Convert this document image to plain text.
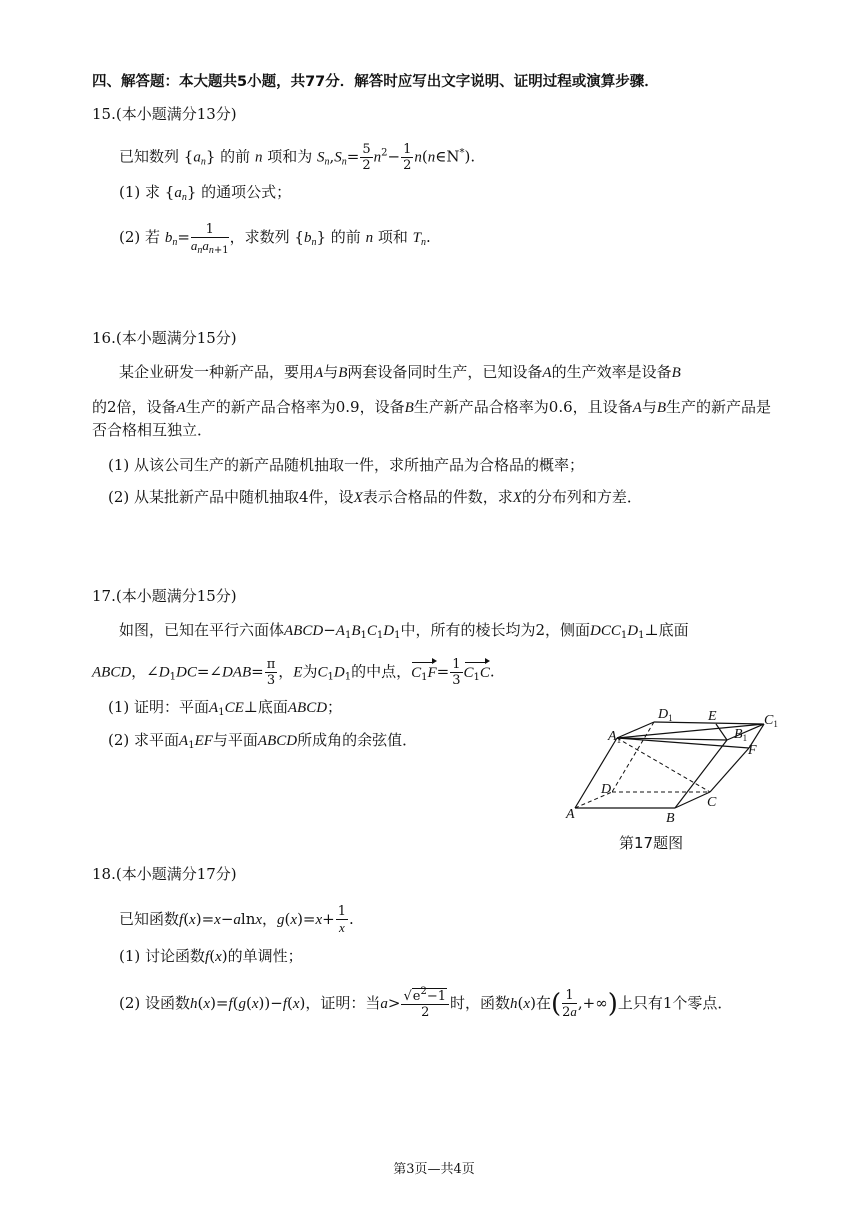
四、解答题：本大题共5小题，共77分．解答时应写出文字说明、证明过程或演算步骤．
15.(本小题满分13分)
已知数列 $\{a_n\}$ 的前 n 项和为 $S_n,S_n= \frac{5}{2} n^2- \frac{1}{2}$ n(n∈N*).
(1) 求 $\{a_n\}$ 的通项公式；
(2) 若 $b_n= \frac{1}{a_na_{n+1}}$ ，求数列 $\{b_n\}$ 的前 n 项和 $T_n$.
16.(本小题满分15分)
某企业研发一种新产品，要用A与B两套设备同时生产，已知设备A的生产效率是设备B
的2倍，设备A生产的新产品合格率为0.9，设备B生产新产品合格率为0.6，且设备A与B生产的新产品是
否合格相互独立．
(1) 从该公司生产的新产品随机抽取一件，求所抽产品为合格品的概率；
(2) 从某批新产品中随机抽取4件，设X表示合格品的件数，求X的分布列和方差．
17.(本小题满分15分)
如图，已知在平行六面体$ABCD-A_1B_1C_1D_1$中，所有的棱长均为2，侧面$DCC_1D_1\perp$底面
ABCD，$\angle D_1DC=\angle DAB= \frac{\pi}{3}$ ，E为$C_1D_1$的中点，$C_1F= \frac{1}{3} C_1C$.
(1) 证明：平面$A_1CE\perp$底面ABCD；
(2) 求平面$A_1EF$与平面ABCD所成角的余弦值．
$D_1$	E	$C_1$
$A_1$	$B_1$
F
D
C
A	B
第17题图
18.(本小题满分17分)
已知函数f(x)=x−alnx，$g(x)=x+ \frac{1}{x}$ .
(1) 讨论函数f(x)的单调性；
(2) 设函数h(x)=f(g(x))−f(x)，证明：当$a> \frac{√e^2-1}{2}$ 时，函数h(x)在( $\frac{1}{2a}$ ,+∞)上只有1个零点．
第3页—共4页
